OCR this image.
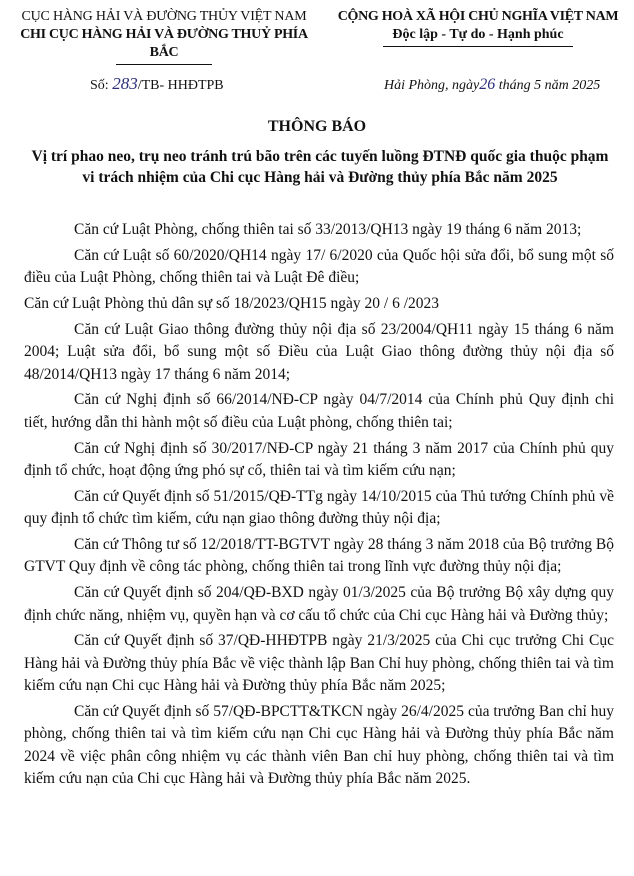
CỤC HÀNG HẢI VÀ ĐƯỜNG THỦY VIỆT NAM
CHI CỤC HÀNG HẢI VÀ ĐƯỜNG THUỶ PHÍA BẮC
CỘNG HOÀ XÃ HỘI CHỦ NGHĨA VIỆT NAM
Độc lập - Tự do - Hạnh phúc
Số: 283/TB- HHĐTPB	Hải Phòng, ngày26 tháng 5 năm 2025
THÔNG BÁO
Vị trí phao neo, trụ neo tránh trú bão trên các tuyến luồng ĐTNĐ quốc gia thuộc phạm vi trách nhiệm của Chi cục Hàng hải và Đường thủy phía Bắc năm 2025

Căn cứ Luật Phòng, chống thiên tai số 33/2013/QH13 ngày 19 tháng 6 năm 2013;

Căn cứ Luật số 60/2020/QH14 ngày 17/ 6/2020 của Quốc hội sửa đổi, bổ sung một số điều của Luật Phòng, chống thiên tai và Luật Đê điều;

Căn cứ Luật Phòng thủ dân sự số 18/2023/QH15 ngày 20 / 6 /2023

Căn cứ Luật Giao thông đường thủy nội địa số 23/2004/QH11 ngày 15 tháng 6 năm 2004; Luật sửa đổi, bổ sung một số Điều của Luật Giao thông đường thủy nội địa số 48/2014/QH13 ngày 17 tháng 6 năm 2014;

Căn cứ Nghị định số 66/2014/NĐ-CP ngày 04/7/2014 của Chính phủ Quy định chi tiết, hướng dẫn thi hành một số điều của Luật phòng, chống thiên tai;

Căn cứ Nghị định số 30/2017/NĐ-CP ngày 21 tháng 3 năm 2017 của Chính phủ quy định tổ chức, hoạt động ứng phó sự cố, thiên tai và tìm kiếm cứu nạn;

Căn cứ Quyết định số 51/2015/QĐ-TTg ngày 14/10/2015 của Thủ tướng Chính phủ về quy định tổ chức tìm kiếm, cứu nạn giao thông đường thủy nội địa;

Căn cứ Thông tư số 12/2018/TT-BGTVT ngày 28 tháng 3 năm 2018 của Bộ trưởng Bộ GTVT Quy định về công tác phòng, chống thiên tai trong lĩnh vực đường thủy nội địa;

Căn cứ Quyết định số 204/QĐ-BXD ngày 01/3/2025 của Bộ trưởng Bộ xây dựng quy định chức năng, nhiệm vụ, quyền hạn và cơ cấu tổ chức của Chi cục Hàng hải và Đường thủy;

Căn cứ Quyết định số 37/QĐ-HHĐTPB ngày 21/3/2025 của Chi cục trưởng Chi Cục Hàng hải và Đường thủy phía Bắc về việc thành lập Ban Chỉ huy phòng, chống thiên tai và tìm kiếm cứu nạn Chi cục Hàng hải và Đường thủy phía Bắc năm 2025;

Căn cứ Quyết định số 57/QĐ-BPCTT&TKCN ngày 26/4/2025 của trưởng Ban chỉ huy phòng, chống thiên tai và tìm kiếm cứu nạn Chi cục Hàng hải và Đường thủy phía Bắc năm 2024 về việc phân công nhiệm vụ các thành viên Ban chỉ huy phòng, chống thiên tai và tìm kiếm cứu nạn của Chi cục Hàng hải và Đường thủy phía Bắc năm 2025.
